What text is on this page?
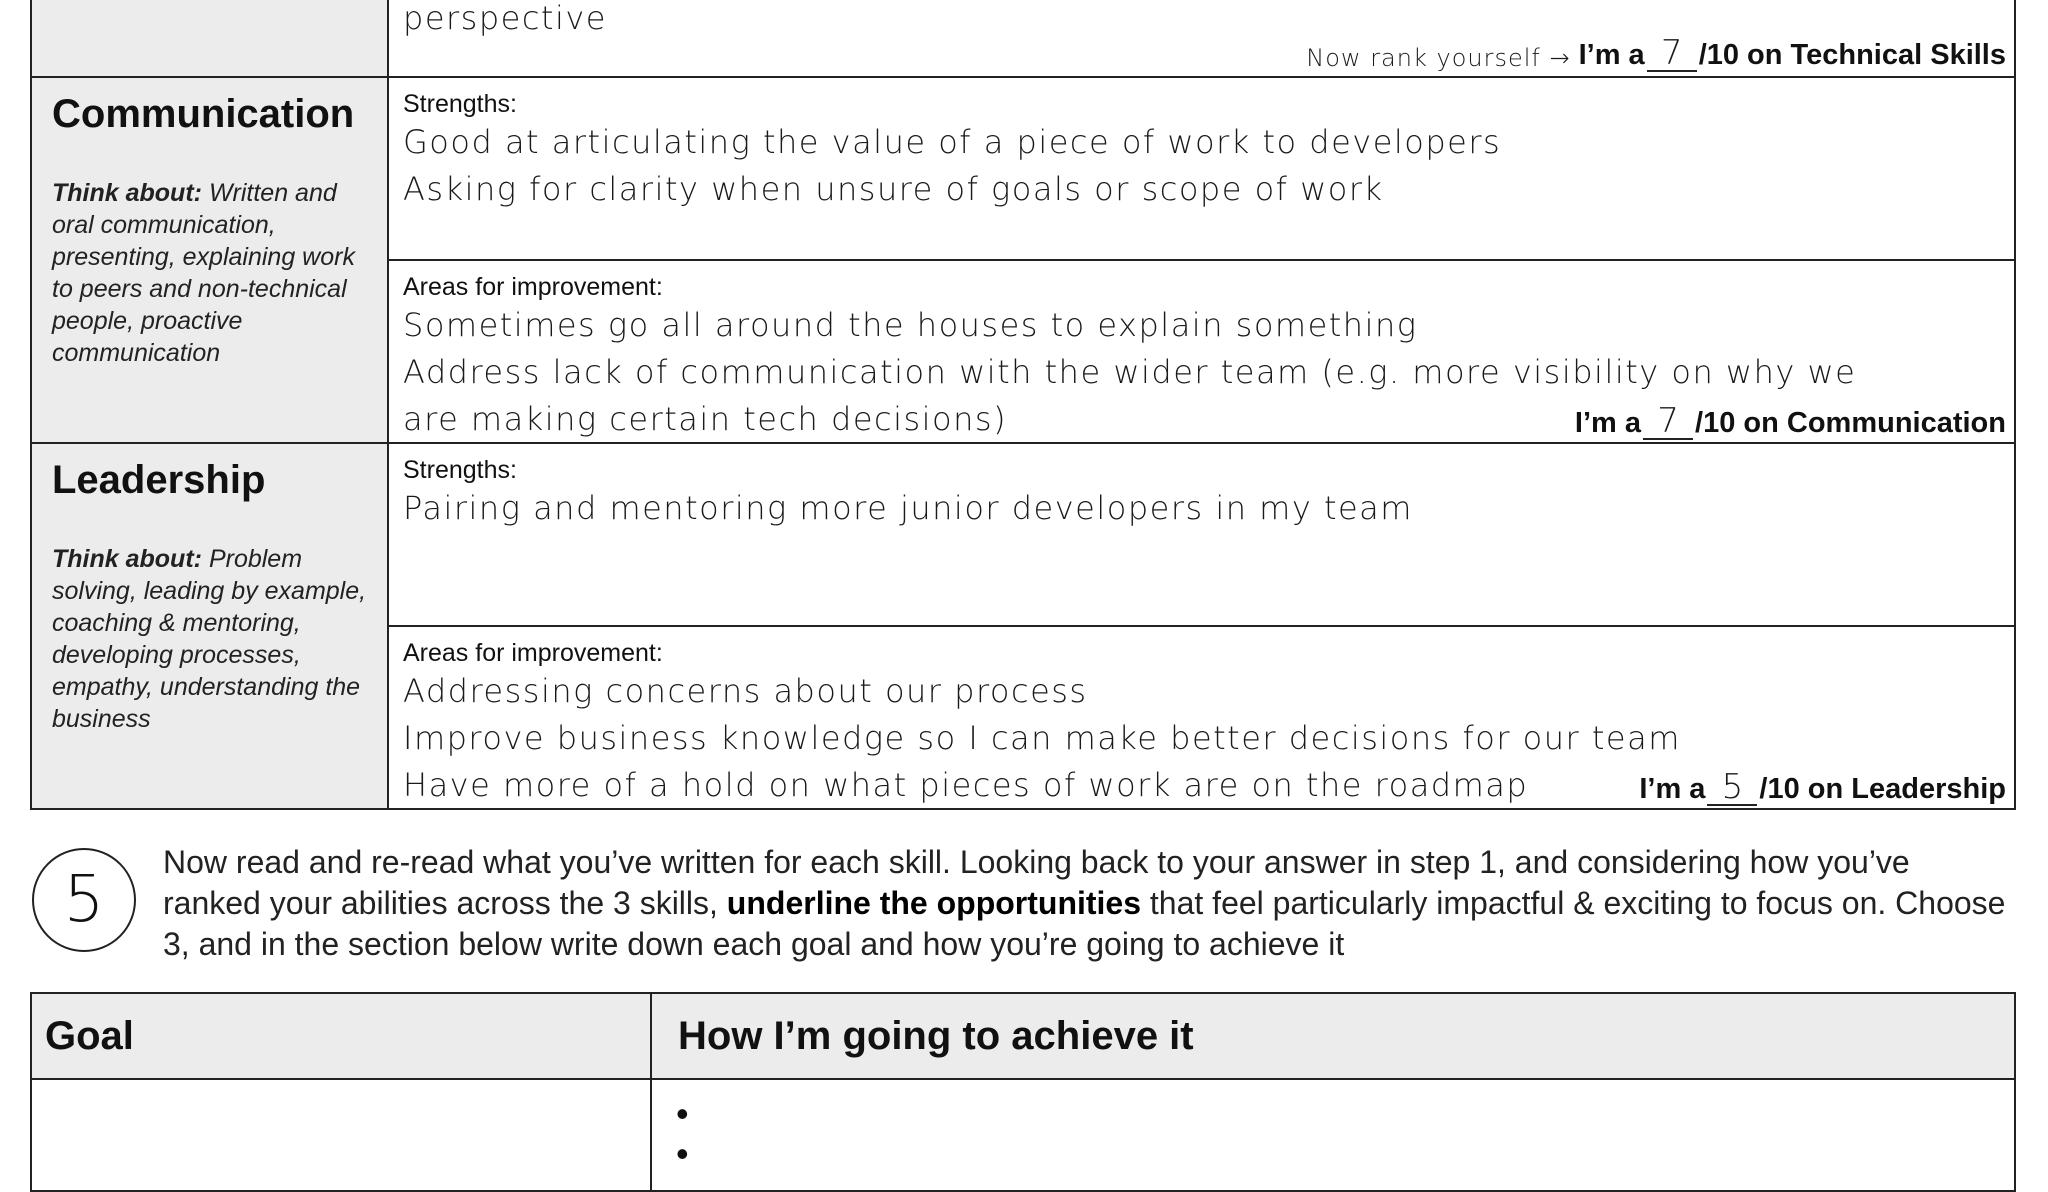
perspective
Now rank yourself → I’m a 7 /10 on Technical Skills
Communication
Think about: Written and oral communication, presenting, explaining work to peers and non-technical people, proactive communication
Strengths:
Good at articulating the value of a piece of work to developers
Asking for clarity when unsure of goals or scope of work
Areas for improvement:
Sometimes go all around the houses to explain something
Address lack of communication with the wider team (e.g. more visibility on why we
are making certain tech decisions)	I’m a 7 /10 on Communication
Leadership
Think about: Problem solving, leading by example, coaching & mentoring, developing processes, empathy, understanding the business
Strengths:
Pairing and mentoring more junior developers in my team
Areas for improvement:
Addressing concerns about our process
Improve business knowledge so I can make better decisions for our team
Have more of a hold on what pieces of work are on the roadmap	I’m a 5 /10 on Leadership
5
Now read and re-read what you’ve written for each skill. Looking back to your answer in step 1, and considering how you’ve ranked your abilities across the 3 skills, underline the opportunities that feel particularly impactful & exciting to focus on. Choose 3, and in the section below write down each goal and how you’re going to achieve it
Goal	How I’m going to achieve it
•
•
